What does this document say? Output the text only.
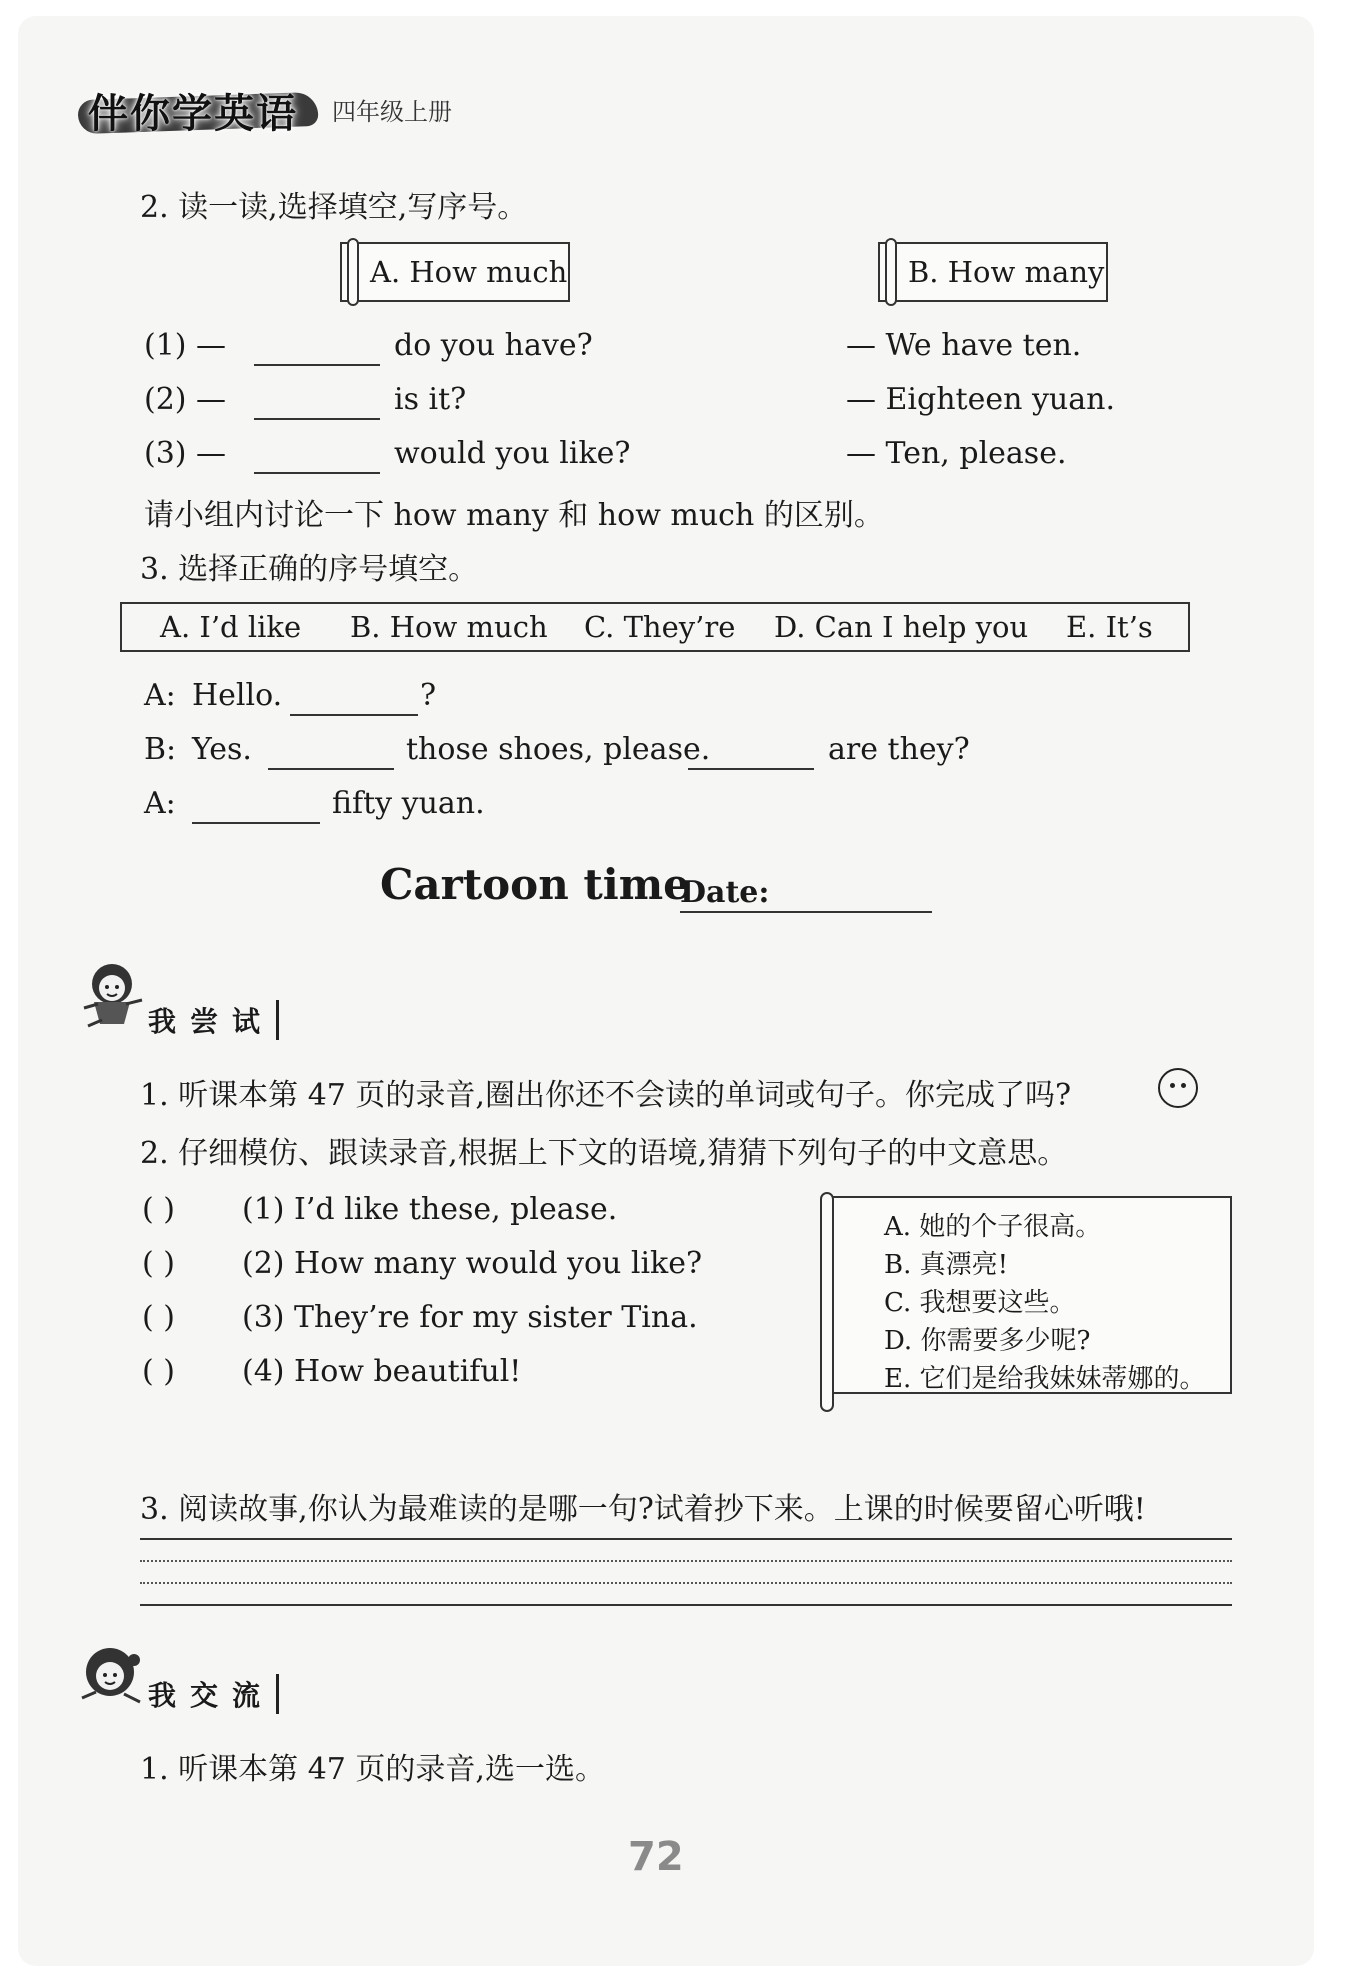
伴你学英语 四年级上册
2. 读一读,选择填空,写序号。
A. How much	B. How many
(1) —	do you have?	— We have ten.
(2) —	is it?	— Eighteen yuan.
(3) —	would you like?	— Ten, please.
请小组内讨论一下 how many 和 how much 的区别。
3. 选择正确的序号填空。
A. I’d like B. How much C. They’re D. Can I help you E. It’s
A: Hello.	?
B: Yes.	those shoes, please.	are they?
A:	fifty yuan.
Cartoon time
Date:
我尝试
1. 听课本第 47 页的录音,圈出你还不会读的单词或句子。你完成了吗?
2. 仔细模仿、跟读录音,根据上下文的语境,猜猜下列句子的中文意思。
( ) (1) I’d like these, please.
( ) (2) How many would you like?
( ) (3) They’re for my sister Tina.
( ) (4) How beautiful!
A. 她的个子很高。
B. 真漂亮!
C. 我想要这些。
D. 你需要多少呢?
E. 它们是给我妹妹蒂娜的。
3. 阅读故事,你认为最难读的是哪一句?试着抄下来。上课的时候要留心听哦!
我交流
1. 听课本第 47 页的录音,选一选。
72
